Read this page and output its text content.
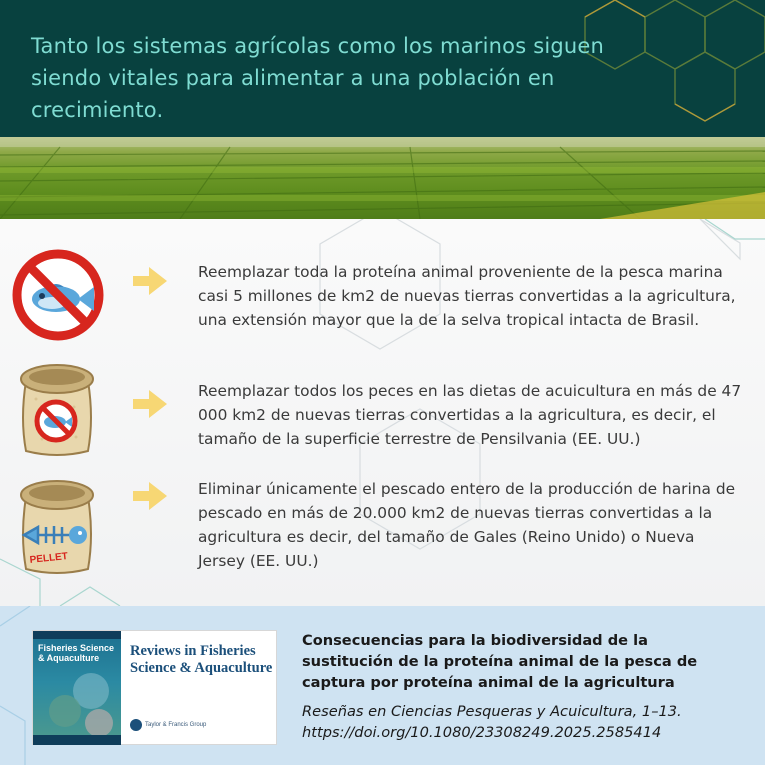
Tanto los sistemas agrícolas como los marinos siguen siendo vitales para alimentar a una población en crecimiento.
Reemplazar toda la proteína animal proveniente de la pesca marina casi 5 millones de km2 de nuevas tierras convertidas a la agricultura, una extensión mayor que la de la selva tropical intacta de Brasil.
Reemplazar todos los peces en las dietas de acuicultura en más de 47 000 km2 de nuevas tierras convertidas a la agricultura, es decir, el tamaño de la superficie terrestre de Pensilvania (EE. UU.)
PELLET
Eliminar únicamente el pescado entero de la producción de harina de pescado en más de 20.000 km2 de nuevas tierras convertidas a la agricultura es decir, del tamaño de Gales (Reino Unido) o Nueva Jersey (EE. UU.)
Fisheries Science & Aquaculture	Reviews in Fisheries Science & Aquaculture
Taylor & Francis Group
Consecuencias para la biodiversidad de la sustitución de la proteína animal de la pesca de captura por proteína animal de la agricultura
Reseñas en Ciencias Pesqueras y Acuicultura, 1–13. https://doi.org/10.1080/23308249.2025.2585414
